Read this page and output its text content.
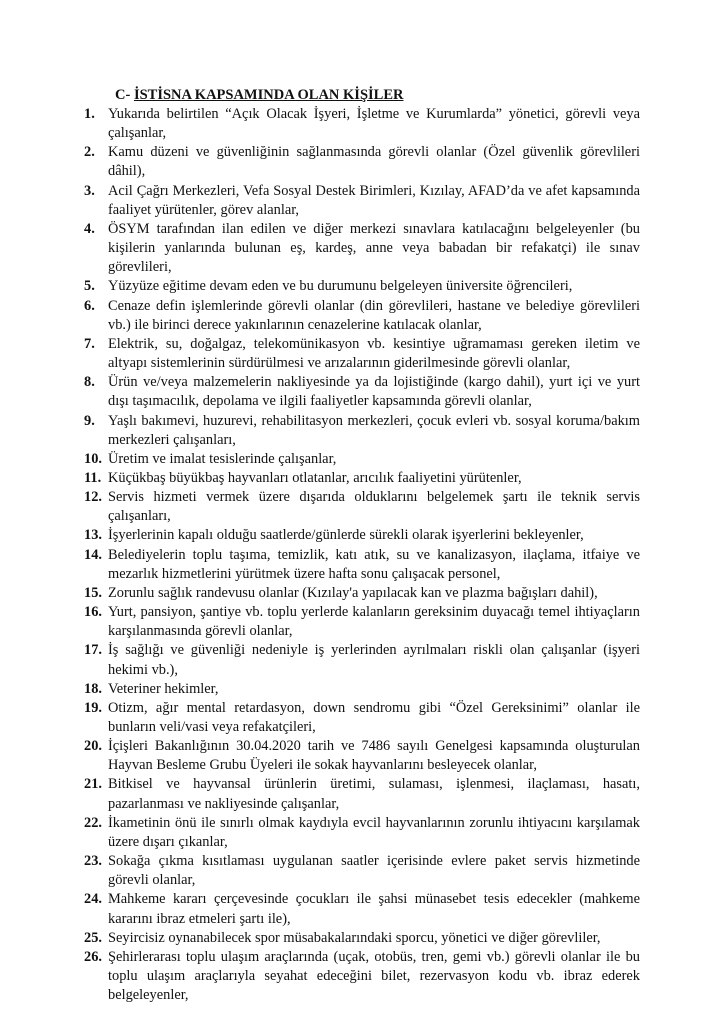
C- İSTİSNA KAPSAMINDA OLAN KİŞİLER
1. Yukarıda belirtilen “Açık Olacak İşyeri, İşletme ve Kurumlarda” yönetici, görevli veya çalışanlar,
2. Kamu düzeni ve güvenliğinin sağlanmasında görevli olanlar (Özel güvenlik görevlileri dâhil),
3. Acil Çağrı Merkezleri, Vefa Sosyal Destek Birimleri, Kızılay, AFAD’da ve afet kapsamında faaliyet yürütenler, görev alanlar,
4. ÖSYM tarafından ilan edilen ve diğer merkezi sınavlara katılacağını belgeleyenler (bu kişilerin yanlarında bulunan eş, kardeş, anne veya babadan bir refakatçi) ile sınav görevlileri,
5. Yüzyüze eğitime devam eden ve bu durumunu belgeleyen üniversite öğrencileri,
6. Cenaze defin işlemlerinde görevli olanlar (din görevlileri, hastane ve belediye görevlileri vb.) ile birinci derece yakınlarının cenazelerine katılacak olanlar,
7. Elektrik, su, doğalgaz, telekomünikasyon vb. kesintiye uğramaması gereken iletim ve altyapı sistemlerinin sürdürülmesi ve arızalarının giderilmesinde görevli olanlar,
8. Ürün ve/veya malzemelerin nakliyesinde ya da lojistiğinde (kargo dahil), yurt içi ve yurt dışı taşımacılık, depolama ve ilgili faaliyetler kapsamında görevli olanlar,
9. Yaşlı bakımevi, huzurevi, rehabilitasyon merkezleri, çocuk evleri vb. sosyal koruma/bakım merkezleri çalışanları,
10. Üretim ve imalat tesislerinde çalışanlar,
11. Küçükbaş büyükbaş hayvanları otlatanlar, arıcılık faaliyetini yürütenler,
12. Servis hizmeti vermek üzere dışarıda olduklarını belgelemek şartı ile teknik servis çalışanları,
13. İşyerlerinin kapalı olduğu saatlerde/günlerde sürekli olarak işyerlerini bekleyenler,
14. Belediyelerin toplu taşıma, temizlik, katı atık, su ve kanalizasyon, ilaçlama, itfaiye ve mezarlık hizmetlerini yürütmek üzere hafta sonu çalışacak personel,
15. Zorunlu sağlık randevusu olanlar (Kızılay'a yapılacak kan ve plazma bağışları dahil),
16. Yurt, pansiyon, şantiye vb. toplu yerlerde kalanların gereksinim duyacağı temel ihtiyaçların karşılanmasında görevli olanlar,
17. İş sağlığı ve güvenliği nedeniyle iş yerlerinden ayrılmaları riskli olan çalışanlar (işyeri hekimi vb.),
18. Veteriner hekimler,
19. Otizm, ağır mental retardasyon, down sendromu gibi “Özel Gereksinimi” olanlar ile bunların veli/vasi veya refakatçileri,
20. İçişleri Bakanlığının 30.04.2020 tarih ve 7486 sayılı Genelgesi kapsamında oluşturulan Hayvan Besleme Grubu Üyeleri ile sokak hayvanlarını besleyecek olanlar,
21. Bitkisel ve hayvansal ürünlerin üretimi, sulaması, işlenmesi, ilaçlaması, hasatı, pazarlanması ve nakliyesinde çalışanlar,
22. İkametinin önü ile sınırlı olmak kaydıyla evcil hayvanlarının zorunlu ihtiyacını karşılamak üzere dışarı çıkanlar,
23. Sokağa çıkma kısıtlaması uygulanan saatler içerisinde evlere paket servis hizmetinde görevli olanlar,
24. Mahkeme kararı çerçevesinde çocukları ile şahsi münasebet tesis edecekler (mahkeme kararını ibraz etmeleri şartı ile),
25. Seyircisiz oynanabilecek spor müsabakalarındaki sporcu, yönetici ve diğer görevliler,
26. Şehirlerarası toplu ulaşım araçlarında (uçak, otobüs, tren, gemi vb.) görevli olanlar ile bu toplu ulaşım araçlarıyla seyahat edeceğini bilet, rezervasyon kodu vb. ibraz ederek belgeleyenler,
